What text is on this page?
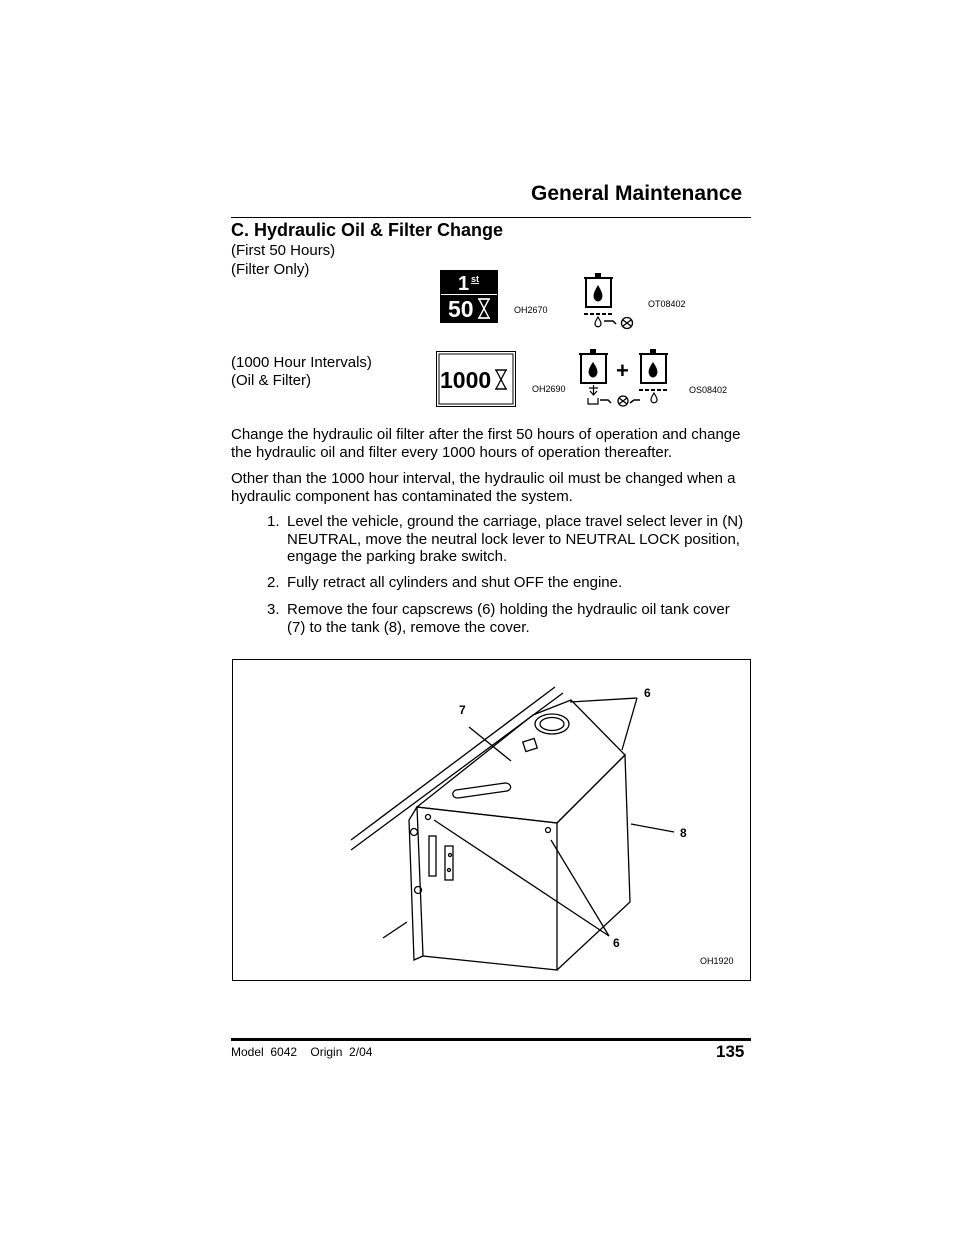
General Maintenance
C. Hydraulic Oil & Filter Change
(First 50 Hours)
(Filter Only)
1 st
50	OH2670
OT08402
(1000 Hour Intervals)
(Oil & Filter)	1000	OH2690
+
OS08402
Change the hydraulic oil filter after the first 50 hours of operation and change the hydraulic oil and filter every 1000 hours of operation thereafter.
Other than the 1000 hour interval, the hydraulic oil must be changed when a hydraulic component has contaminated the system.
1. Level the vehicle, ground the carriage, place travel select lever in (N) NEUTRAL, move the neutral lock lever to NEUTRAL LOCK position, engage the parking brake switch.
2. Fully retract all cylinders and shut OFF the engine.
3. Remove the four capscrews (6) holding the hydraulic oil tank cover (7) to the tank (8), remove the cover.
7
6
8
6
OH1920
Model  6042    Origin  2/04	135
